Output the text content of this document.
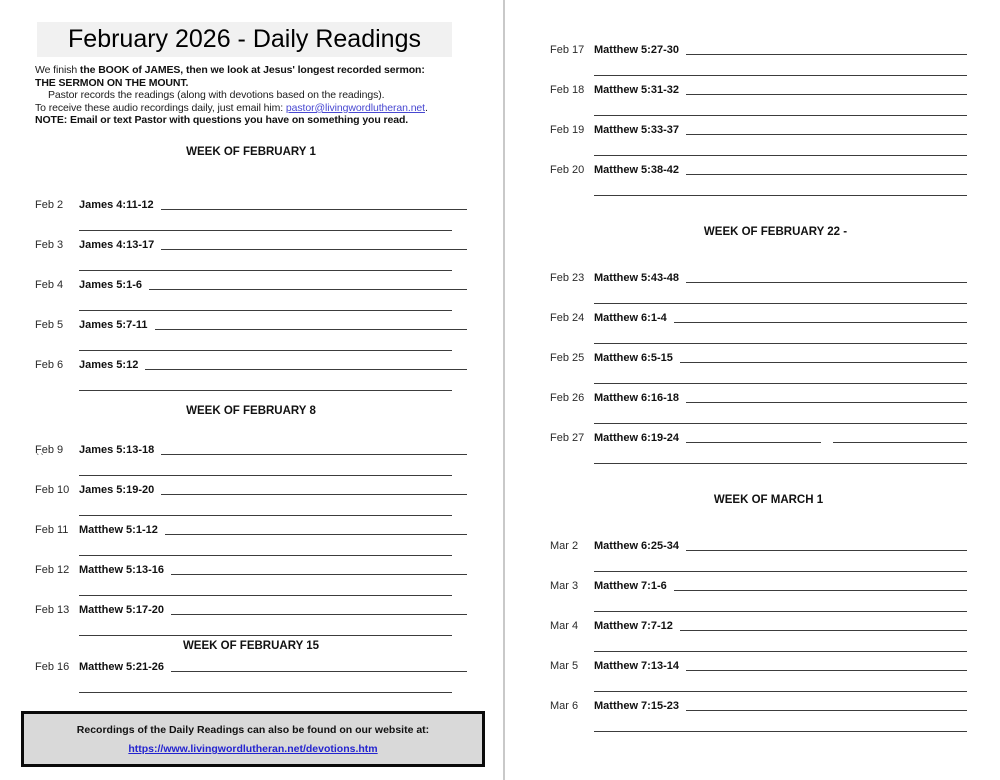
February 2026 - Daily Readings
We finish the BOOK of JAMES, then we look at Jesus' longest recorded sermon:
THE SERMON ON THE MOUNT.
Pastor records the readings (along with devotions based on the readings).
To receive these audio recordings daily, just email him: pastor@livingwordlutheran.net.
NOTE: Email or text Pastor with questions you have on something you read.
WEEK OF FEBRUARY 1
Feb 2	James 4:11-12
Feb 3	James 4:13-17
Feb 4	James 5:1-6
Feb 5	James 5:7-11
Feb 6	James 5:12
WEEK OF FEBRUARY 8
Feb 9	James 5:13-18
``
Feb 10 James 5:19-20
Feb 11 Matthew 5:1-12
Feb 12 Matthew 5:13-16
Feb 13 Matthew 5:17-20
WEEK OF FEBRUARY 15
Feb 16 Matthew 5:21-26
Recordings of the Daily Readings can also be found on our website at:
https://www.livingwordlutheran.net/devotions.htm
Feb 17 Matthew 5:27-30
Feb 18 Matthew 5:31-32
Feb 19 Matthew 5:33-37
Feb 20 Matthew 5:38-42
WEEK OF FEBRUARY 22 -
Feb 23 Matthew 5:43-48
Feb 24 Matthew 6:1-4
Feb 25 Matthew 6:5-15
Feb 26 Matthew 6:16-18
Feb 27 Matthew 6:19-24
WEEK OF MARCH 1
Mar 2	Matthew 6:25-34
Mar 3	Matthew 7:1-6
Mar 4	Matthew 7:7-12
Mar 5	Matthew 7:13-14
Mar 6	Matthew 7:15-23
